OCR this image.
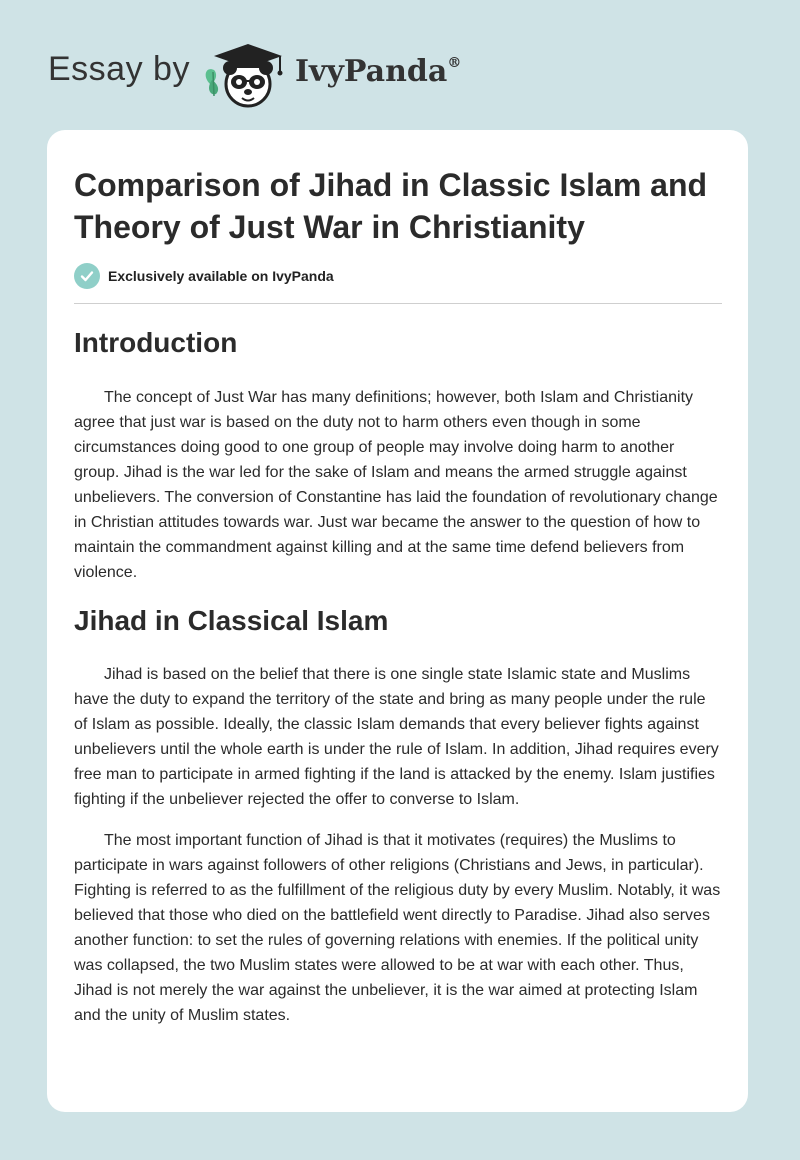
Essay by	IvyPanda®
Comparison of Jihad in Classic Islam and Theory of Just War in Christianity
Exclusively available on IvyPanda
Introduction

The concept of Just War has many definitions; however, both Islam and Christianity agree that just war is based on the duty not to harm others even though in some circumstances doing good to one group of people may involve doing harm to another group. Jihad is the war led for the sake of Islam and means the armed struggle against unbelievers. The conversion of Constantine has laid the foundation of revolutionary change in Christian attitudes towards war. Just war became the answer to the question of how to maintain the commandment against killing and at the same time defend believers from violence.

Jihad in Classical Islam

Jihad is based on the belief that there is one single state Islamic state and Muslims have the duty to expand the territory of the state and bring as many people under the rule of Islam as possible. Ideally, the classic Islam demands that every believer fights against unbelievers until the whole earth is under the rule of Islam. In addition, Jihad requires every free man to participate in armed fighting if the land is attacked by the enemy. Islam justifies fighting if the unbeliever rejected the offer to converse to Islam.

The most important function of Jihad is that it motivates (requires) the Muslims to participate in wars against followers of other religions (Christians and Jews, in particular). Fighting is referred to as the fulfillment of the religious duty by every Muslim. Notably, it was believed that those who died on the battlefield went directly to Paradise. Jihad also serves another function: to set the rules of governing relations with enemies. If the political unity was collapsed, the two Muslim states were allowed to be at war with each other. Thus, Jihad is not merely the war against the unbeliever, it is the war aimed at protecting Islam and the unity of Muslim states.
